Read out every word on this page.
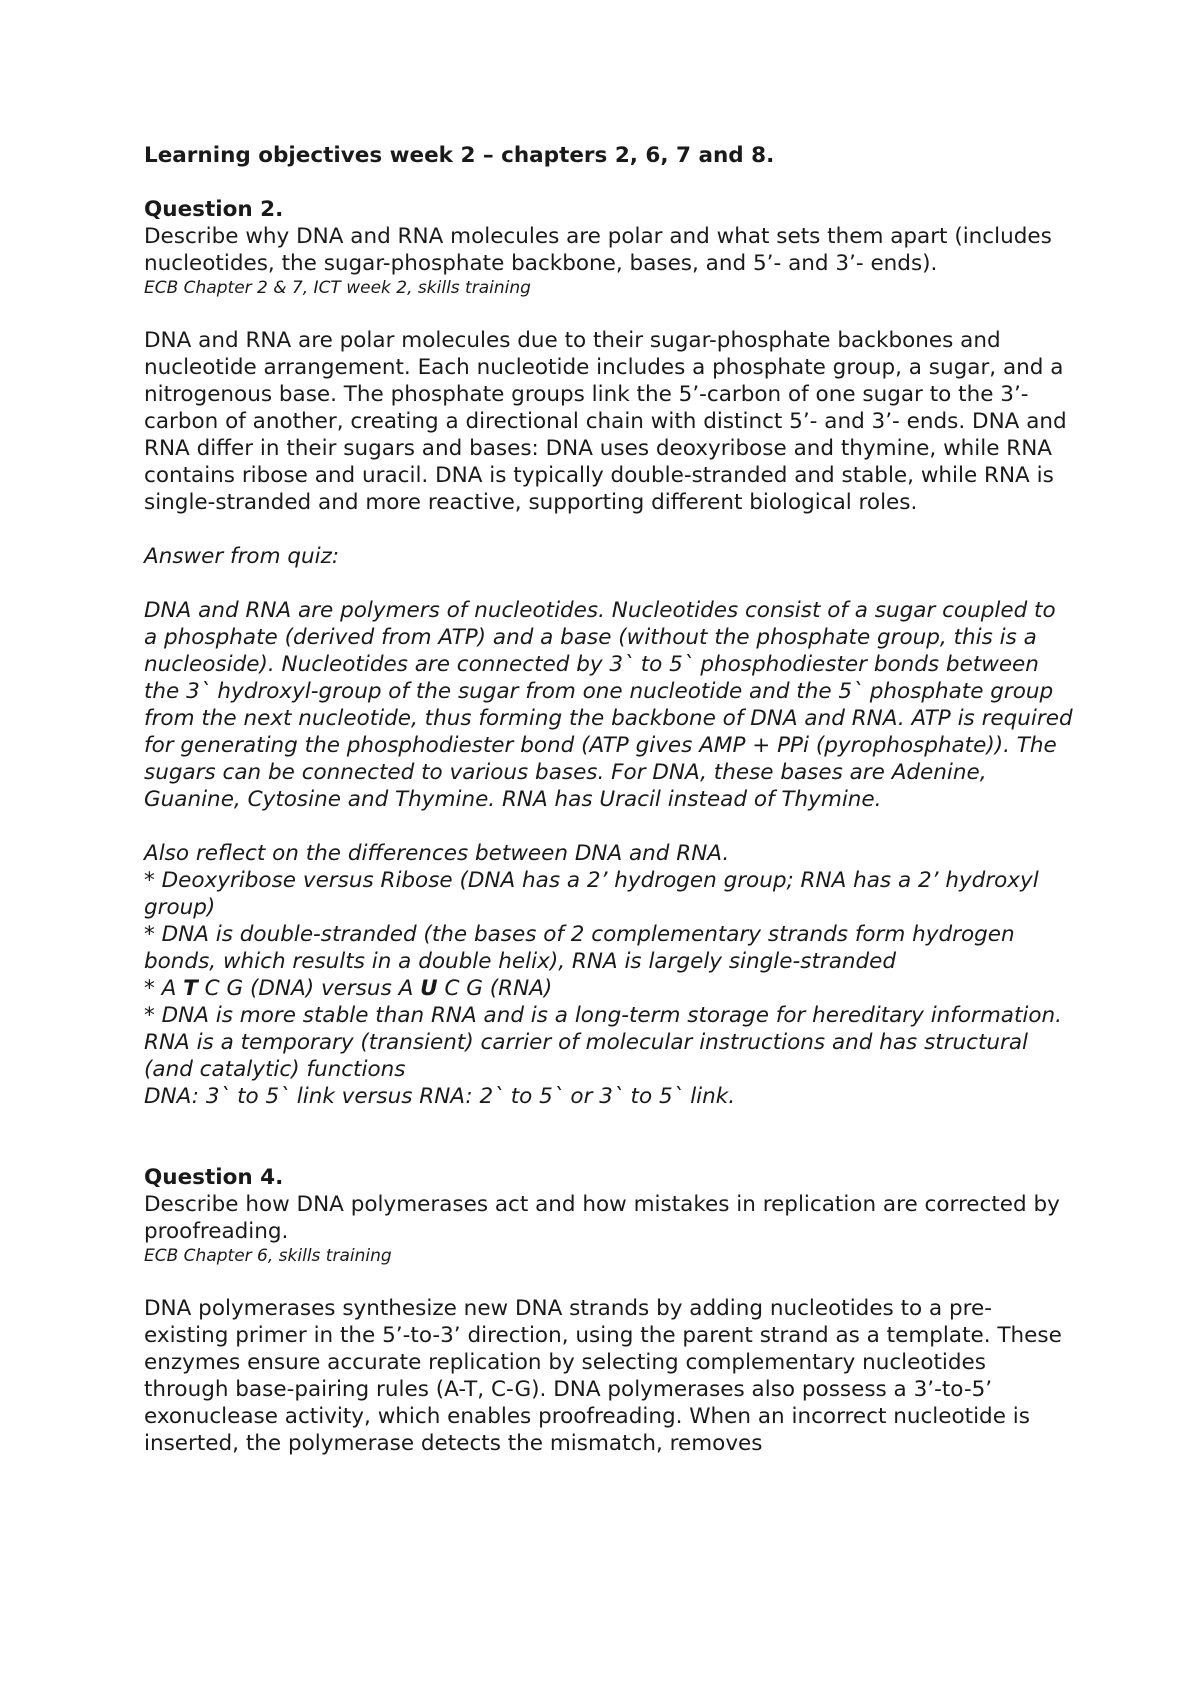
Learning objectives week 2 – chapters 2, 6, 7 and 8.

Question 2.

Describe why DNA and RNA molecules are polar and what sets them apart (includes nucleotides, the sugar-phosphate backbone, bases, and 5’- and 3’- ends).

ECB Chapter 2 & 7, ICT week 2, skills training

DNA and RNA are polar molecules due to their sugar-phosphate backbones and nucleotide arrangement. Each nucleotide includes a phosphate group, a sugar, and a nitrogenous base. The phosphate groups link the 5’-carbon of one sugar to the 3’-carbon of another, creating a directional chain with distinct 5’- and 3’- ends. DNA and RNA differ in their sugars and bases: DNA uses deoxyribose and thymine, while RNA contains ribose and uracil. DNA is typically double-stranded and stable, while RNA is single-stranded and more reactive, supporting different biological roles.

Answer from quiz:

DNA and RNA are polymers of nucleotides. Nucleotides consist of a sugar coupled to a phosphate (derived from ATP) and a base (without the phosphate group, this is a nucleoside). Nucleotides are connected by 3` to 5` phosphodiester bonds between the 3` hydroxyl-group of the sugar from one nucleotide and the 5` phosphate group from the next nucleotide, thus forming the backbone of DNA and RNA. ATP is required for generating the phosphodiester bond (ATP gives AMP + PPi (pyrophosphate)). The sugars can be connected to various bases. For DNA, these bases are Adenine, Guanine, Cytosine and Thymine. RNA has Uracil instead of Thymine.

Also reflect on the differences between DNA and RNA.

* Deoxyribose versus Ribose (DNA has a 2’ hydrogen group; RNA has a 2’ hydroxyl group)

* DNA is double-stranded (the bases of 2 complementary strands form hydrogen bonds, which results in a double helix), RNA is largely single-stranded

* A T C G (DNA) versus A U C G (RNA)

* DNA is more stable than RNA and is a long-term storage for hereditary information. RNA is a temporary (transient) carrier of molecular instructions and has structural (and catalytic) functions

DNA: 3` to 5` link versus RNA: 2` to 5` or 3` to 5` link.

Question 4.

Describe how DNA polymerases act and how mistakes in replication are corrected by proofreading.

ECB Chapter 6, skills training

DNA polymerases synthesize new DNA strands by adding nucleotides to a pre-existing primer in the 5’-to-3’ direction, using the parent strand as a template. These enzymes ensure accurate replication by selecting complementary nucleotides through base-pairing rules (A-T, C-G). DNA polymerases also possess a 3’-to-5’ exonuclease activity, which enables proofreading. When an incorrect nucleotide is inserted, the polymerase detects the mismatch, removes
